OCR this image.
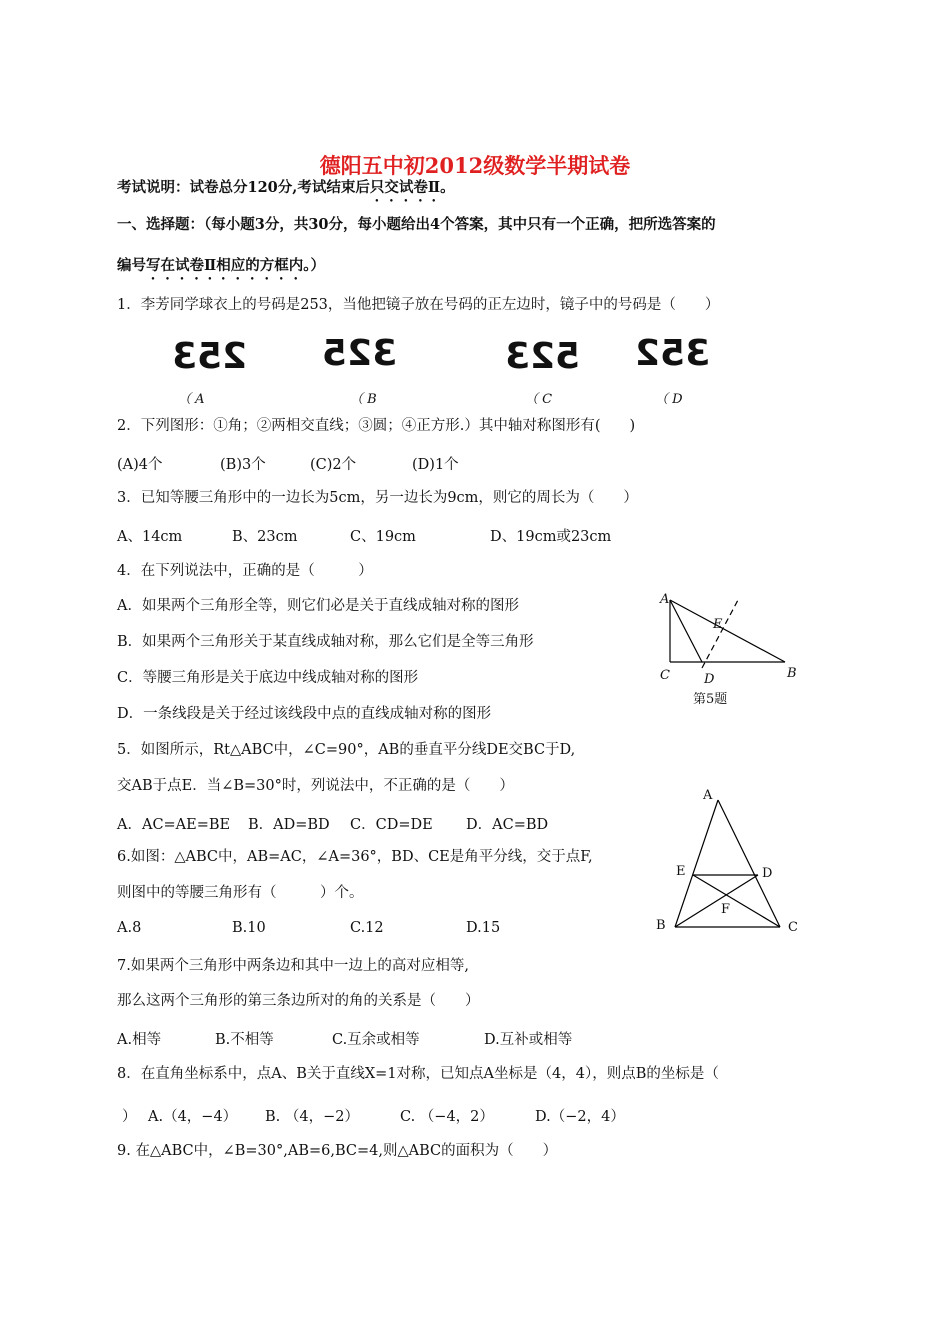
德阳五中初2012级数学半期试卷
考试说明：试卷总分120分,考试结束后只交试卷Ⅱ。
一、选择题：（每小题3分，共30分，每小题给出4个答案，其中只有一个正确，把所选答案的
编号写在试卷Ⅱ相应的方框内。）
1．李芳同学球衣上的号码是253，当他把镜子放在号码的正左边时，镜子中的号码是（　　）
253 325	523 352
（ A	（ B	（ C	（ D
2．下列图形：①角；②两相交直线；③圆；④正方形.）其中轴对称图形有(　　)
(A)4个	(B)3个	(C)2个	(D)1个
3．已知等腰三角形中的一边长为5cm，另一边长为9cm，则它的周长为（　　）
A、14cm	B、23cm	C、19cm	D、19cm或23cm
4．在下列说法中，正确的是（　　　）
A．如果两个三角形全等，则它们必是关于直线成轴对称的图形
B．如果两个三角形关于某直线成轴对称，那么它们是全等三角形
C．等腰三角形是关于底边中线成轴对称的图形
D．一条线段是关于经过该线段中点的直线成轴对称的图形
A
E
C	D	B
第5题
5．如图所示，Rt△ABC中，∠C=90°，AB的垂直平分线DE交BC于D,
交AB于点E．当∠B=30°时，列说法中，不正确的是（　　）
A．AC=AE=BE B．AD=BD C．CD=DE D．AC=BD
A
E	D
F
B	C
6.如图：△ABC中，AB=AC，∠A=36°，BD、CE是角平分线，交于点F,
则图中的等腰三角形有（　　　）个。
A.8	B.10	C.12	D.15
7.如果两个三角形中两条边和其中一边上的高对应相等,
那么这两个三角形的第三条边所对的角的关系是（　　）
A.相等	B.不相等	C.互余或相等	D.互补或相等
8．在直角坐标系中，点A、B关于直线X=1对称，已知点A坐标是（4，4），则点B的坐标是（
） A.（4，−4） B. （4，−2）	C. （−4，2）	D.（−2，4）
9. 在△ABC中，∠B=30°,AB=6,BC=4,则△ABC的面积为（　　）
